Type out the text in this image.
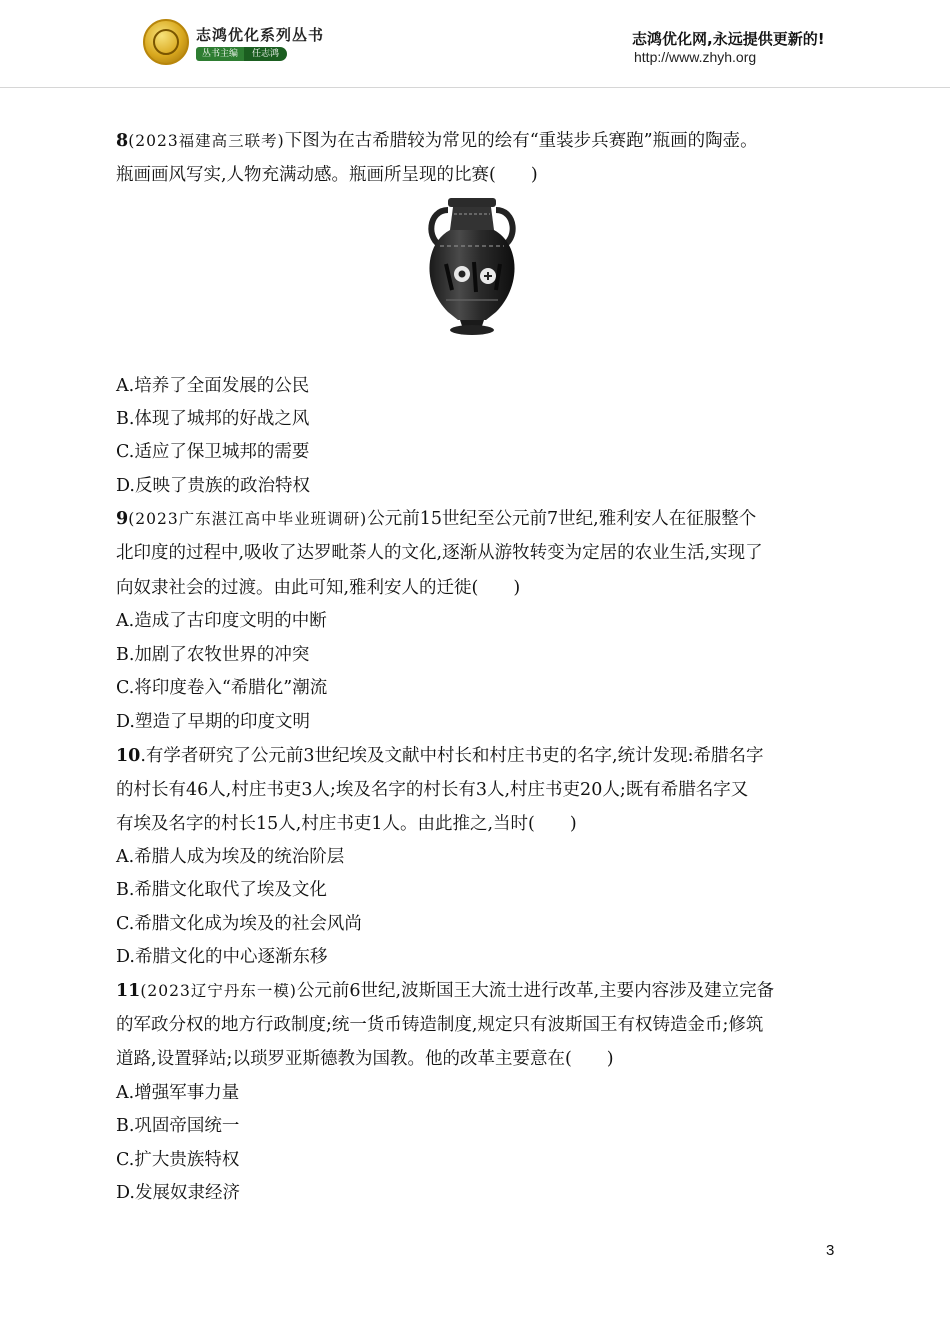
志鸿优化系列丛书
丛书主编	任志鸿
志鸿优化网,永远提供更新的!
http://www.zhyh.org
8(2023福建高三联考)下图为在古希腊较为常见的绘有“重装步兵赛跑”瓶画的陶壶。
瓶画画风写实,人物充满动感。瓶画所呈现的比赛(　　)
A.培养了全面发展的公民
B.体现了城邦的好战之风
C.适应了保卫城邦的需要
D.反映了贵族的政治特权
9(2023广东湛江高中毕业班调研)公元前15世纪至公元前7世纪,雅利安人在征服整个
北印度的过程中,吸收了达罗毗荼人的文化,逐渐从游牧转变为定居的农业生活,实现了
向奴隶社会的过渡。由此可知,雅利安人的迁徙(　　)
A.造成了古印度文明的中断
B.加剧了农牧世界的冲突
C.将印度卷入“希腊化”潮流
D.塑造了早期的印度文明
10.有学者研究了公元前3世纪埃及文献中村长和村庄书吏的名字,统计发现:希腊名字
的村长有46人,村庄书吏3人;埃及名字的村长有3人,村庄书吏20人;既有希腊名字又
有埃及名字的村长15人,村庄书吏1人。由此推之,当时(　　)
A.希腊人成为埃及的统治阶层
B.希腊文化取代了埃及文化
C.希腊文化成为埃及的社会风尚
D.希腊文化的中心逐渐东移
11(2023辽宁丹东一模)公元前6世纪,波斯国王大流士进行改革,主要内容涉及建立完备
的军政分权的地方行政制度;统一货币铸造制度,规定只有波斯国王有权铸造金币;修筑
道路,设置驿站;以琐罗亚斯德教为国教。他的改革主要意在(　　)
A.增强军事力量
B.巩固帝国统一
C.扩大贵族特权
D.发展奴隶经济
3
